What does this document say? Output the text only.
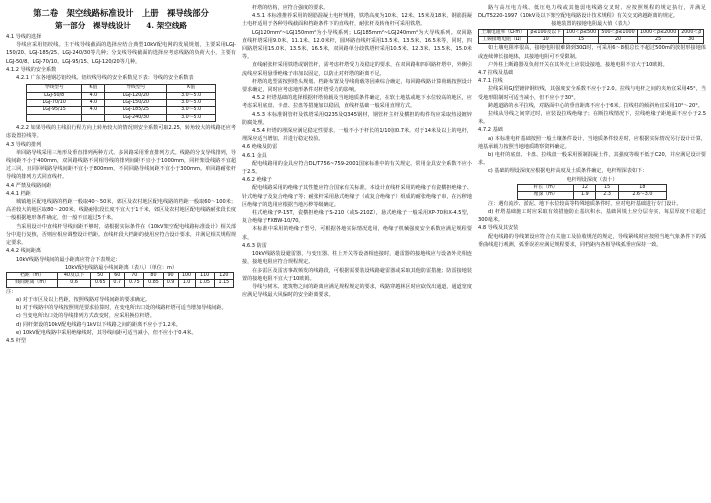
第二卷　架空线路标准设计　上册　裸导线部分
第一部分　裸导线设计　　4. 架空线路

4.1 导线的选择

导线应采用铝绞线。主干线导线截面的选择应结合典型10kV配电网的发展规划，主要采用LGJ-150/20、LGJ-185/25、LGJ-240/30等几种；分支线导线截面的选择应考虑线路的负荷大小，主要有LGJ-50/8、LGJ-70/10、LGJ-95/15、LGJ-120/20等几种。

4.1.2 导线的安全系数

4.2.1 广东各地钢芯铝绞线、铝绞线导线的安全系数见下表：导线的安全系数表

导线型号	K值	导线型号	K值
LGJ-50/8	4.0	LGJ-120/20	3.0～5.0
LGJ-70/10	4.0	LGJ-150/20	3.0～5.0
LGJ-95/15	4.0	LGJ-185/25	3.0～5.0
		LGJ-240/30	3.0～5.0

4.2.2 如果导线的主线沿行程方向上转角较大的情况则安全系数可取2.25，转角较大的线路还应考虑设置拉线等。

4.3 导线的排列

单回路导线采用三角形及垂直排列两种方式。多回路采用垂直排列方式。线路的分支导线排列，导线间距不小于400mm，双回路线路不同相导线的排列间距不宜小于1000mm，同杆架设线路不宜超过三回，且同回线路导线间距不宜小于800mm，不同回路导线间距不宜小于300mm。单回路耐张杆导线的排列方式同直线杆。

4.4 严禁及线路间距

4.4.1 档距

城镇地区配电线路的档距一般取40～50米，郊区及农村地区配电线路的档距一般取60～100米；高差较大的地区取80～200米。线路耐张段长度不宜大于1千米，郊区及农村地区配电线路耐张段长度一般根据地形条件确定，但一般不宜超过5千米。

当采用设计中直线杆导线间距不够时，请根据实际条件在《10kV架空配电线路标准设计》相关部分中进行复核，否则应相应调整设计档距。直线杆段大档距的使用应符合设计要求，并满足相关规程规定要求。

4.4.2 线间距离

10kV线路导线间的最小距离应符合下表规定：

10kV配电线路最小线间距离（表八）（单位：m）

档距（m）	40及以下	50	60	70	80	90	100	110	120
线间距离（m）	0.6	0.65	0.7	0.75	0.85	0.9	1.0	1.05	1.15

注：

a) 对于市区及以上档距，按照线路对导线间距的要求确定。

b) 对于线路中的导线按照规范要求验算时，在变电所出口处的线路杆塔可适当增加导线间距。

c) 当变电所出口处的导线排列方式改变时，应采用换位杆塔。

d) 同杆架设的10kV配电线路与1kV以下线路之间的距离不应小于1.2米。

e) 10kV配电线路中采用绝缘线时，其导线间距可适当减小，但不应小于0.4米。

4.5 杆型

杆塔的结构，应符合强度的要求。

4.5.1 本标准推荐采用的钢筋混凝土电杆规格，铁塔高度为10米、12米、15米及18米，钢筋混凝土电杆适用于各种导线截面和档距条件下的直线杆，耐张杆及转角杆可采用铁塔。

LGJ120mm²~LGJ150mm²为小导线系列；LGJ185mm²~LGJ240mm²为大导线系列。双回路直线杆塔采用9.0米、11.1米、12.0米杆，圆环路直线杆采用13.5米、13.5米、16.5米等，同时，四回路塔采用15.0米、13.5米、16.5米，双回路单分歧铁塔杆采用10.5米、12.3米、13.5米、15.0米等。

直线耐张杆采用铁塔或钢管杆，需考虑杆塔受力及稳定的要求，在双回路和四回路杆塔中，外侧引流线应采用悬垂绝缘子串加以固定，以防止对杆塔的距离不足。

杆塔的选型需按照塔头规划、档距布置及导线荷载等因素综合确定，每回路线路计算荷载按照设计要求确定，同时应考虑地形条件对杆塔受力的影响。

4.5.2 杆塔基础的选择根据杆塔荷载及当地地质条件确定，在软土地基或地下水位较高的地区，应考虑采用底盘、卡盘、拉盘等措施加以稳固，直线杆基础一般采用直埋方式。

4.5.3 本标准钢管杆及铁塔采用Q235及Q345钢材，钢管杆主杆及横担的构件均应采取热浸镀锌防腐处理。

4.5.4 杆塔的埋深应满足稳定性要求，一般不小于杆长的1/10加0.7米。对于14米及以上的电杆，埋深应适当增加，并进行稳定校验。

4.6 绝缘及防雷

4.6.1 金具

配电线路用的金具应符合DL/T756~759-2001国家标准中的有关规定。常用金具安全系数不应小于2.5。

4.6.2 绝缘子

配电线路采用的绝缘子其性能应符合国家有关标准。本设计直线杆采用的绝缘子有瓷横担绝缘子、针式绝缘子及复合绝缘子等；耐张杆采用悬式绝缘子（或复合绝缘子）组成的耐张绝缘子串，在污秽地区绝缘子的选用应根据当地污秽等级确定。

柱式绝缘子P-15T，瓷横担绝缘子S-210（或S-210Z），悬式绝缘子一般采用XP-70和X-4.5型，复合绝缘子FXBW-10/70。

本标准中采用的绝缘子型号，可根据各地实际情况选用，绝缘子机械强度安全系数应满足规程要求。

4.6.3 防雷

10kV线路装设避雷器，与变压器、柱上开关等设备相连接时，避雷器的接地线应与设备外壳相连接，接地电阻应符合规程规定。

在多雷区及雷害事故频发的线路段，可根据需要装设线路避雷器或采取其他防雷措施；防雷接地装置的接地电阻不宜大于10欧姆。

导线与树木、建筑物之间的距离应满足规程规定的要求，线路穿越林区时应砍伐出通道，通道宽度应满足导线最大风偏时的安全距离要求。

路与高压电力线、低压电力线或其他弱电线路交叉时，应按照规程的规定执行，并满足DL/T5220-1997《10kV及以下架空配电线路设计技术规程》有关交叉跨越距离的规定。

接地装置的接地电阻最大值（表九）

土壤电阻率（Ω·m）	ρ≤100及以下	100＜ρ≤500	500＜ρ≤1000	1000＜ρ≤2000	2000＜ρ
工频接地电阻（Ω）	10	15	20	25	30

如土壤电阻率很高，接地电阻很难降到30Ω时，可采用6～8根总长不超过500m的放射形接地体或连续伸长接地体，其接地电阻可不受限制。

户外柱上断路器及负荷开关在其外壳上应装设接地，接地电阻不宜大于10欧姆。

4.7 拉线及基础

4.7.1 拉线

拉线采用GJ型镀锌钢绞线，其强度安全系数不应小于2.0。拉线与电杆之间的夹角宜采用45°，当受地形限制时可适当减小，但不应小于30°。

跨越道路的水平拉线，对路面中心的垂直距离不应小于6米。拉线柱的倾斜角宜采用10°～20°。

拉线从导线之间穿过时，应装设拉线绝缘子；在断拉线情况下，拉线绝缘子距地面不应小于2.5米。

4.7.2 基础

a) 本标准电杆基础按照一般土壤条件设计，当地质条件较差时，应根据实际情况另行设计计算，地基承载力按照当地地质勘察资料确定。

b) 电杆的底盘、卡盘、拉线盘一般采用预制混凝土件，其强度等级不低于C20，并应满足设计要求。

c) 基础的埋设深度应根据电杆高度及土质条件确定，电杆埋深表如下：

电杆埋设深度（表十）

杆长（m）	12	15	18
埋深（m）	1.9	2.3	2.6～3.0

注：遇有流沙、淤泥、地下水位较高等特殊地质条件时，应对电杆基础进行专门设计。

d) 杆塔基础施工时应采取有效措施防止基坑积水，基础回填土应分层夯实，每层厚度不宜超过300毫米。

4.8 导线及其安装

配电线路的导线架设应符合有关施工及验收规范的规定，导线紧线时应按照当地气象条件下的弧垂曲线进行观测，弧垂误差应满足规程要求，同档距内各相导线弧垂应保持一致。
